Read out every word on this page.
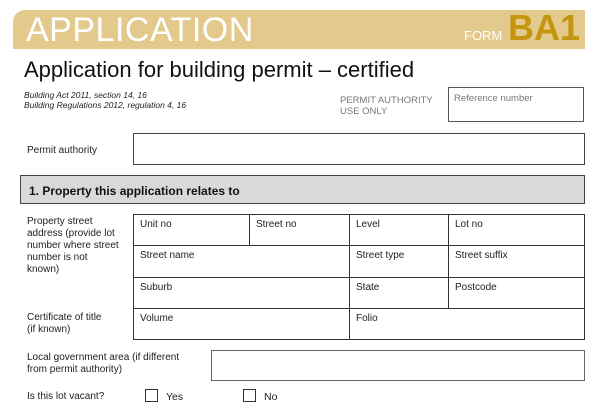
APPLICATION	FORM BA1
Application for building permit – certified
Building Act 2011, section 14, 16
Building Regulations 2012, regulation 4, 16	PERMIT AUTHORITY
USE ONLY
Reference number
Permit authority
1. Property this application relates to
Property street
address (provide lot
number where street
number is not
known)
Unit no	Street no	Level	Lot no
Street name	Street type	Street suffix
Suburb	State	Postcode
Certificate of title
(if known)
Volume	Folio
Local government area (if different
from permit authority)
Is this lot vacant?	Yes	No
